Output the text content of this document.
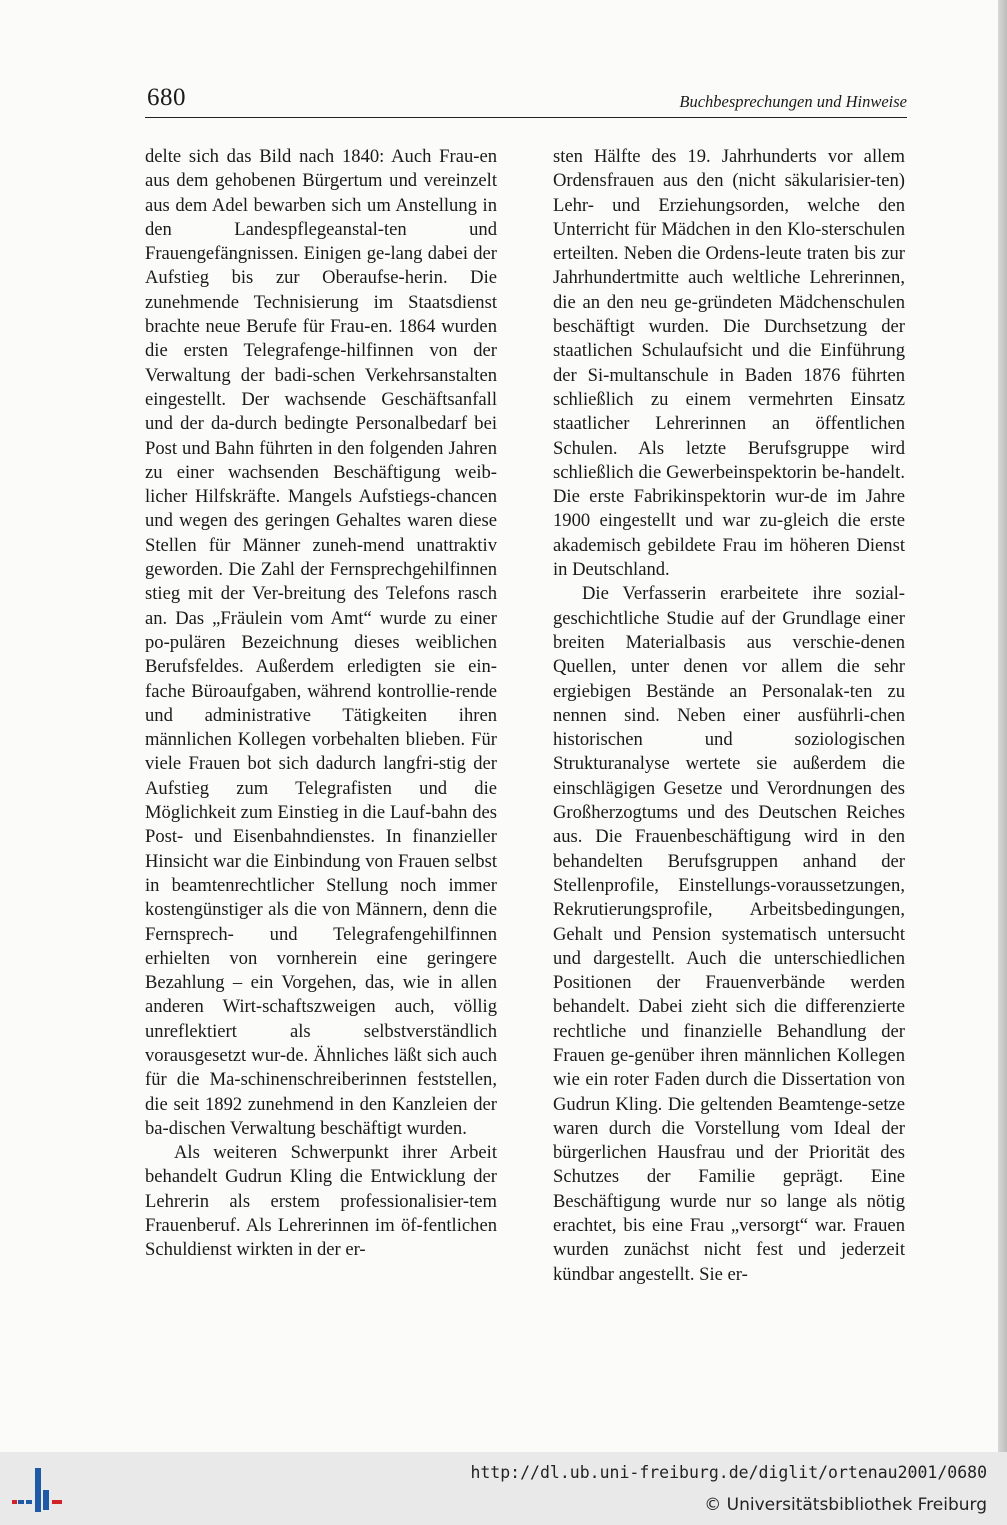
680	Buchbesprechungen und Hinweise

delte sich das Bild nach 1840: Auch Frau-en aus dem gehobenen Bürgertum und vereinzelt aus dem Adel bewarben sich um Anstellung in den Landespflegeanstal-ten und Frauengefängnissen. Einigen ge-lang dabei der Aufstieg bis zur Oberaufse-herin. Die zunehmende Technisierung im Staatsdienst brachte neue Berufe für Frau-en. 1864 wurden die ersten Telegrafenge-hilfinnen von der Verwaltung der badi-schen Verkehrsanstalten eingestellt. Der wachsende Geschäftsanfall und der da-durch bedingte Personalbedarf bei Post und Bahn führten in den folgenden Jahren zu einer wachsenden Beschäftigung weib-licher Hilfskräfte. Mangels Aufstiegs-chancen und wegen des geringen Gehaltes waren diese Stellen für Männer zuneh-mend unattraktiv geworden. Die Zahl der Fernsprechgehilfinnen stieg mit der Ver-breitung des Telefons rasch an. Das „Fräulein vom Amt“ wurde zu einer po-pulären Bezeichnung dieses weiblichen Berufsfeldes. Außerdem erledigten sie ein-fache Büroaufgaben, während kontrollie-rende und administrative Tätigkeiten ihren männlichen Kollegen vorbehalten blieben. Für viele Frauen bot sich dadurch langfri-stig der Aufstieg zum Telegrafisten und die Möglichkeit zum Einstieg in die Lauf-bahn des Post- und Eisenbahndienstes. In finanzieller Hinsicht war die Einbindung von Frauen selbst in beamtenrechtlicher Stellung noch immer kostengünstiger als die von Männern, denn die Fernsprech- und Telegrafengehilfinnen erhielten von vornherein eine geringere Bezahlung – ein Vorgehen, das, wie in allen anderen Wirt-schaftszweigen auch, völlig unreflektiert als selbstverständlich vorausgesetzt wur-de. Ähnliches läßt sich auch für die Ma-schinenschreiberinnen feststellen, die seit 1892 zunehmend in den Kanzleien der ba-dischen Verwaltung beschäftigt wurden.

Als weiteren Schwerpunkt ihrer Arbeit behandelt Gudrun Kling die Entwicklung der Lehrerin als erstem professionalisier-tem Frauenberuf. Als Lehrerinnen im öf-fentlichen Schuldienst wirkten in der er-

sten Hälfte des 19. Jahrhunderts vor allem Ordensfrauen aus den (nicht säkularisier-ten) Lehr- und Erziehungsorden, welche den Unterricht für Mädchen in den Klo-sterschulen erteilten. Neben die Ordens-leute traten bis zur Jahrhundertmitte auch weltliche Lehrerinnen, die an den neu ge-gründeten Mädchenschulen beschäftigt wurden. Die Durchsetzung der staatlichen Schulaufsicht und die Einführung der Si-multanschule in Baden 1876 führten schließlich zu einem vermehrten Einsatz staatlicher Lehrerinnen an öffentlichen Schulen. Als letzte Berufsgruppe wird schließlich die Gewerbeinspektorin be-handelt. Die erste Fabrikinspektorin wur-de im Jahre 1900 eingestellt und war zu-gleich die erste akademisch gebildete Frau im höheren Dienst in Deutschland.

Die Verfasserin erarbeitete ihre sozial-geschichtliche Studie auf der Grundlage einer breiten Materialbasis aus verschie-denen Quellen, unter denen vor allem die sehr ergiebigen Bestände an Personalak-ten zu nennen sind. Neben einer ausführli-chen historischen und soziologischen Strukturanalyse wertete sie außerdem die einschlägigen Gesetze und Verordnungen des Großherzogtums und des Deutschen Reiches aus. Die Frauenbeschäftigung wird in den behandelten Berufsgruppen anhand der Stellenprofile, Einstellungs-voraussetzungen, Rekrutierungsprofile, Arbeitsbedingungen, Gehalt und Pension systematisch untersucht und dargestellt. Auch die unterschiedlichen Positionen der Frauenverbände werden behandelt. Dabei zieht sich die differenzierte rechtliche und finanzielle Behandlung der Frauen ge-genüber ihren männlichen Kollegen wie ein roter Faden durch die Dissertation von Gudrun Kling. Die geltenden Beamtenge-setze waren durch die Vorstellung vom Ideal der bürgerlichen Hausfrau und der Priorität des Schutzes der Familie geprägt. Eine Beschäftigung wurde nur so lange als nötig erachtet, bis eine Frau „versorgt“ war. Frauen wurden zunächst nicht fest und jederzeit kündbar angestellt. Sie er-

http://dl.ub.uni-freiburg.de/diglit/ortenau2001/0680
© Universitätsbibliothek Freiburg
